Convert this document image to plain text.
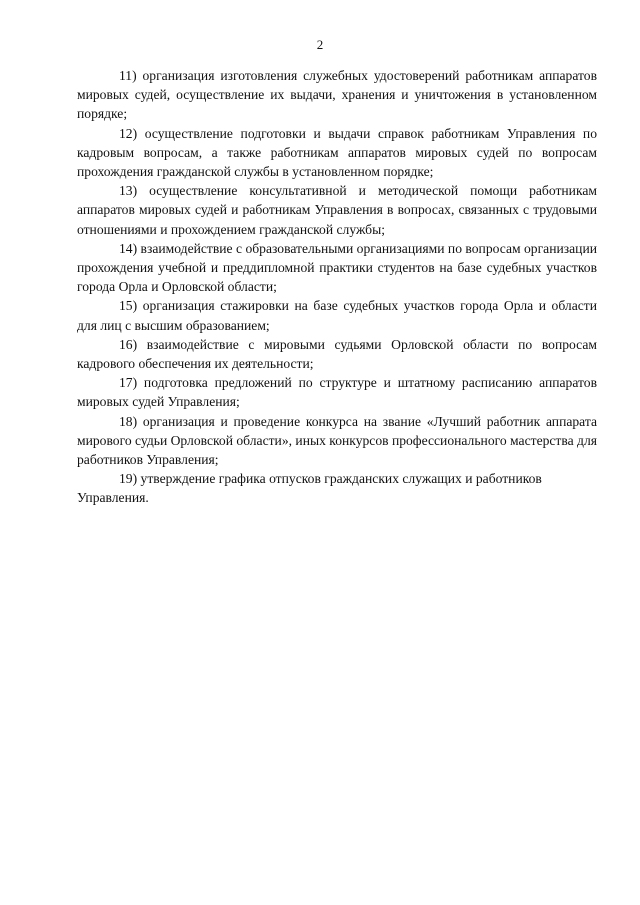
2

11) организация изготовления служебных удостоверений работникам аппаратов мировых судей, осуществление их выдачи, хранения и уничтожения в установленном порядке;

12) осуществление подготовки и выдачи справок работникам Управления по кадровым вопросам, а также работникам аппаратов мировых судей по вопросам прохождения гражданской службы в установленном порядке;

13) осуществление консультативной и методической помощи работникам аппаратов мировых судей и работникам Управления в вопросах, связанных с трудовыми отношениями и прохождением гражданской службы;

14) взаимодействие с образовательными организациями по вопросам организации прохождения учебной и преддипломной практики студентов на базе судебных участков города Орла и Орловской области;

15) организация стажировки на базе судебных участков города Орла и области для лиц с высшим образованием;

16) взаимодействие с мировыми судьями Орловской области по вопросам кадрового обеспечения их деятельности;

17) подготовка предложений по структуре и штатному расписанию аппаратов мировых судей Управления;

18) организация и проведение конкурса на звание «Лучший работник аппарата мирового судьи Орловской области», иных конкурсов профессионального мастерства для работников Управления;

19) утверждение графика отпусков гражданских служащих и работников Управления.
